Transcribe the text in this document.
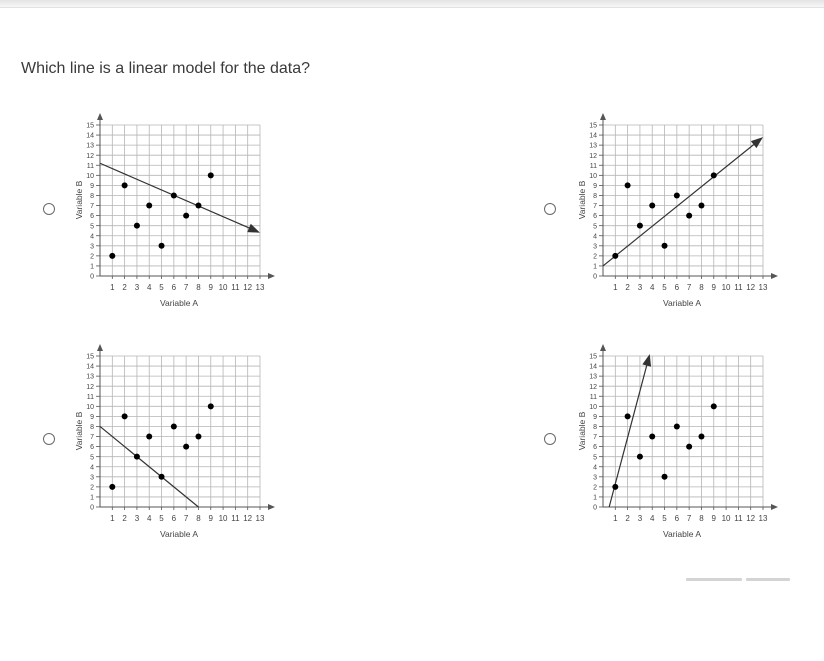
Which line is a linear model for the data?
1 2 3 4 5 6 7 8 9 10 11 12 13
0
1
2
3
4
5
6
7
8
9
10
11
12
13
14
15
Variable B
Variable A
1 2 3 4 5 6 7 8 9 10 11 12 13
0
1
2
3
4
5
6
7
8
9
10
11
12
13
14
15
Variable B
Variable A
1 2 3 4 5 6 7 8 9 10 11 12 13
0
1
2
3
4
5
6
7
8
9
10
11
12
13
14
15
Variable B
Variable A
1 2 3 4 5 6 7 8 9 10 11 12 13
0
1
2
3
4
5
6
7
8
9
10
11
12
13
14
15
Variable B
Variable A
